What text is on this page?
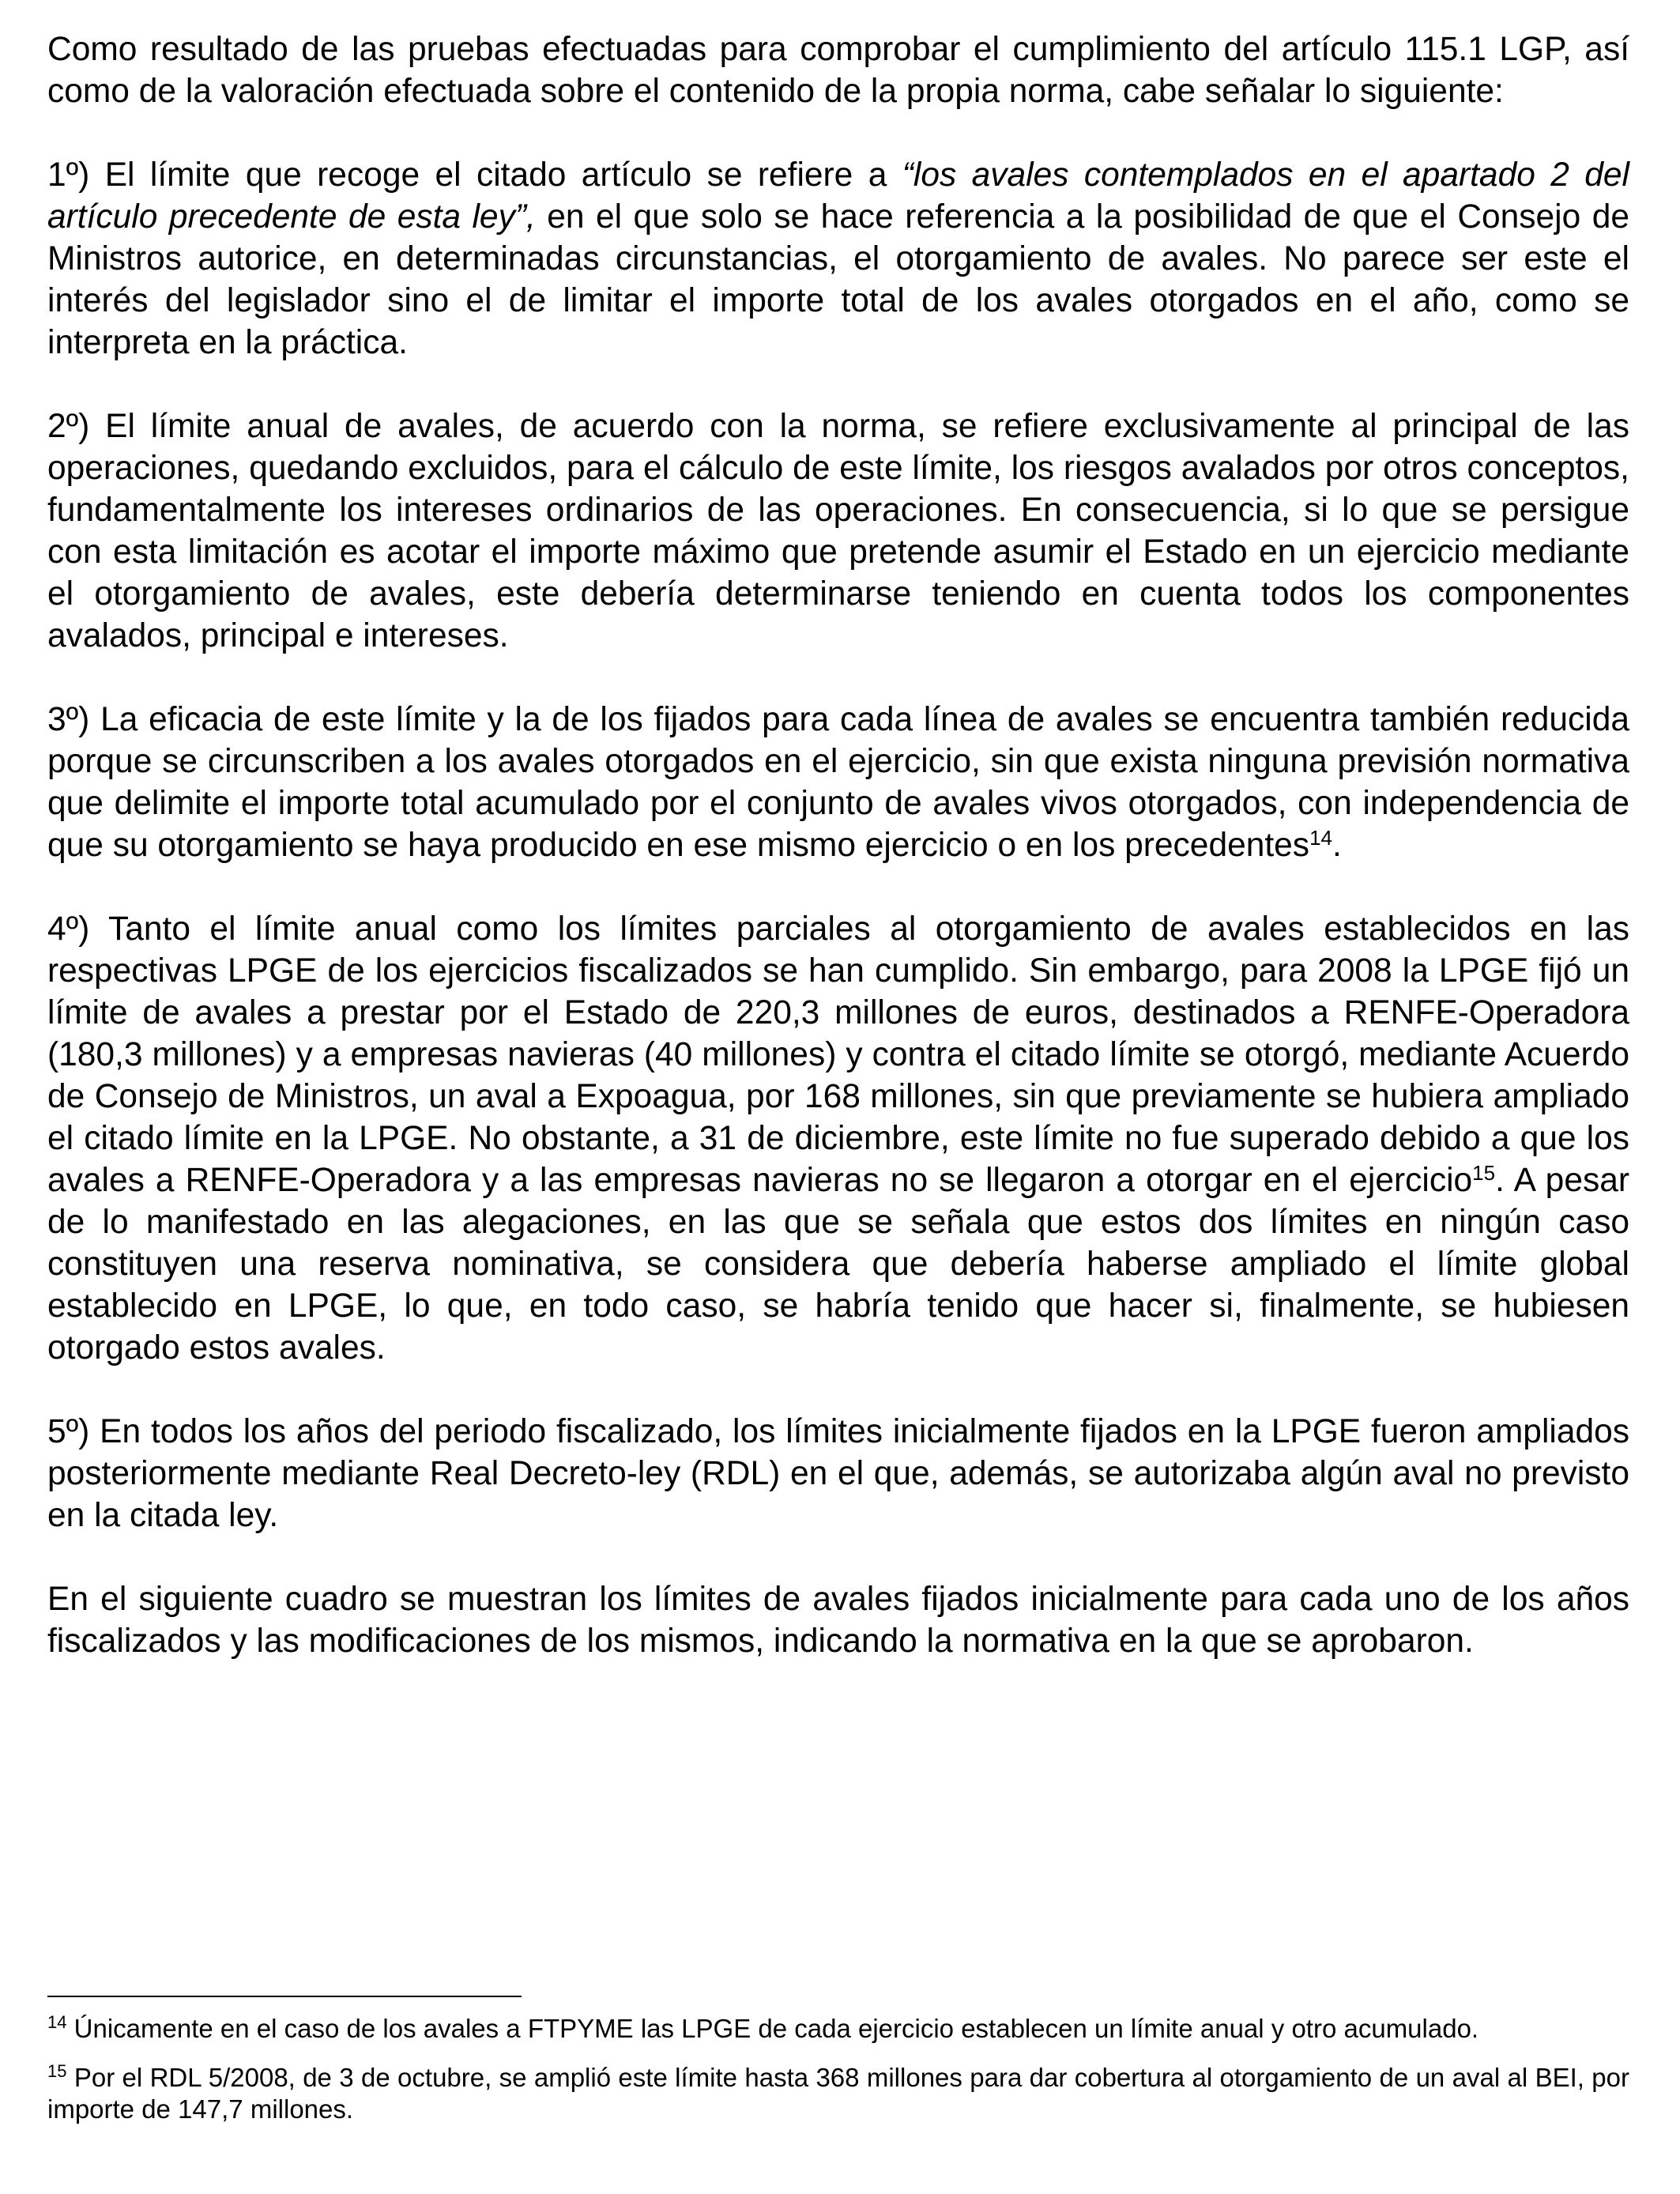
Como resultado de las pruebas efectuadas para comprobar el cumplimiento del artículo 115.1 LGP, así como de la valoración efectuada sobre el contenido de la propia norma, cabe señalar lo siguiente:

1º) El límite que recoge el citado artículo se refiere a “los avales contemplados en el apartado 2 del artículo precedente de esta ley”, en el que solo se hace referencia a la posibilidad de que el Consejo de Ministros autorice, en determinadas circunstancias, el otorgamiento de avales. No parece ser este el interés del legislador sino el de limitar el importe total de los avales otorgados en el año, como se interpreta en la práctica.

2º) El límite anual de avales, de acuerdo con la norma, se refiere exclusivamente al principal de las operaciones, quedando excluidos, para el cálculo de este límite, los riesgos avalados por otros conceptos, fundamentalmente los intereses ordinarios de las operaciones. En consecuencia, si lo que se persigue con esta limitación es acotar el importe máximo que pretende asumir el Estado en un ejercicio mediante el otorgamiento de avales, este debería determinarse teniendo en cuenta todos los componentes avalados, principal e intereses.

3º) La eficacia de este límite y la de los fijados para cada línea de avales se encuentra también reducida porque se circunscriben a los avales otorgados en el ejercicio, sin que exista ninguna previsión normativa que delimite el importe total acumulado por el conjunto de avales vivos otorgados, con independencia de que su otorgamiento se haya producido en ese mismo ejercicio o en los precedentes$^{14}$.

4º) Tanto el límite anual como los límites parciales al otorgamiento de avales establecidos en las respectivas LPGE de los ejercicios fiscalizados se han cumplido. Sin embargo, para 2008 la LPGE fijó un límite de avales a prestar por el Estado de 220,3 millones de euros, destinados a RENFE-Operadora (180,3 millones) y a empresas navieras (40 millones) y contra el citado límite se otorgó, mediante Acuerdo de Consejo de Ministros, un aval a Expoagua, por 168 millones, sin que previamente se hubiera ampliado el citado límite en la LPGE. No obstante, a 31 de diciembre, este límite no fue superado debido a que los avales a RENFE-Operadora y a las empresas navieras no se llegaron a otorgar en el ejercicio$^{15}$. A pesar de lo manifestado en las alegaciones, en las que se señala que estos dos límites en ningún caso constituyen una reserva nominativa, se considera que debería haberse ampliado el límite global establecido en LPGE, lo que, en todo caso, se habría tenido que hacer si, finalmente, se hubiesen otorgado estos avales.

5º) En todos los años del periodo fiscalizado, los límites inicialmente fijados en la LPGE fueron ampliados posteriormente mediante Real Decreto-ley (RDL) en el que, además, se autorizaba algún aval no previsto en la citada ley.

En el siguiente cuadro se muestran los límites de avales fijados inicialmente para cada uno de los años fiscalizados y las modificaciones de los mismos, indicando la normativa en la que se aprobaron.

$^{14}$ Únicamente en el caso de los avales a FTPYME las LPGE de cada ejercicio establecen un límite anual y otro acumulado.

$^{15}$ Por el RDL 5/2008, de 3 de octubre, se amplió este límite hasta 368 millones para dar cobertura al otorgamiento de un aval al BEI, por importe de 147,7 millones.
